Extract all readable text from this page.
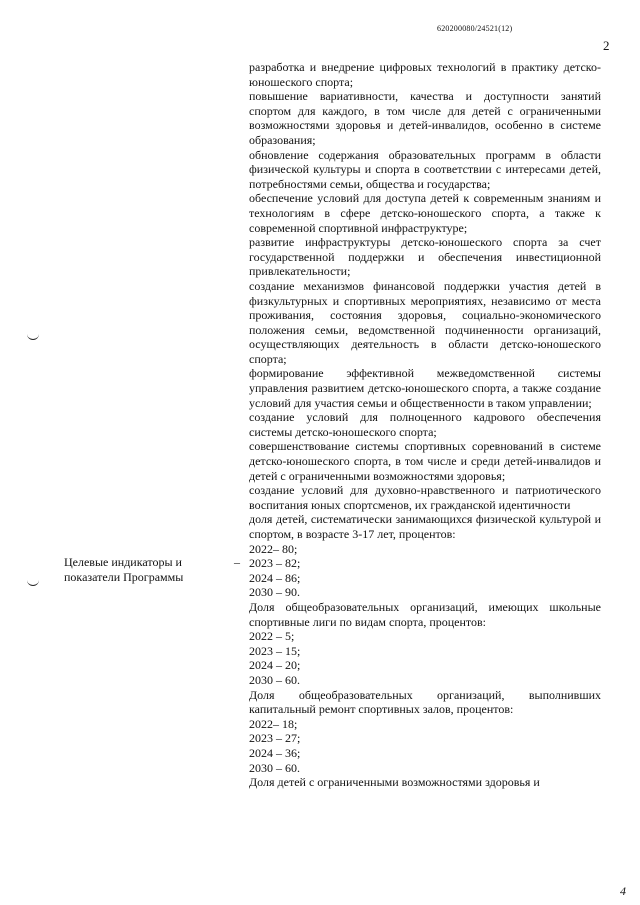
620200080/24521(12)
2

разработка и внедрение цифровых технологий в практику детско-юношеского спорта;

повышение вариативности, качества и доступности занятий спортом для каждого, в том числе для детей с ограниченными возможностями здоровья и детей-инвалидов, особенно в системе образования;

обновление содержания образовательных программ в области физической культуры и спорта в соответствии с интересами детей, потребностями семьи, общества и государства;

обеспечение условий для доступа детей к современным знаниям и технологиям в сфере детско-юношеского спорта, а также к современной спортивной инфраструктуре;

развитие инфраструктуры детско-юношеского спорта за счет государственной поддержки и обеспечения инвестиционной привлекательности;

создание механизмов финансовой поддержки участия детей в физкультурных и спортивных мероприятиях, независимо от места проживания, состояния здоровья, социально-экономического положения семьи, ведомственной подчиненности организаций, осуществляющих деятельность в области детско-юношеского спорта;

формирование эффективной межведомственной системы управления развитием детско-юношеского спорта, а также создание условий для участия семьи и общественности в таком управлении;

создание условий для полноценного кадрового обеспечения системы детско-юношеского спорта;

совершенствование системы спортивных соревнований в системе детско-юношеского спорта, в том числе и среди детей-инвалидов и детей с ограниченными возможностями здоровья;

создание условий для духовно-нравственного и патриотического воспитания юных спортсменов, их гражданской идентичности

доля детей, систематически занимающихся физической культурой и спортом, в возрасте 3-17 лет, процентов:

2022– 80;
2023 – 82;
2024 – 86;
2030 – 90.

Доля общеобразовательных организаций, имеющих школьные спортивные лиги по видам спорта, процентов:

2022 – 5;
2023 – 15;
2024 – 20;
2030 – 60.

Доля общеобразовательных организаций, выполнивших капитальный ремонт спортивных залов, процентов:

2022– 18;
2023 – 27;
2024 – 36;
2030 – 60.

Доля детей с ограниченными возможностями здоровья и

Целевые индикаторы и показатели Программы
–
4
